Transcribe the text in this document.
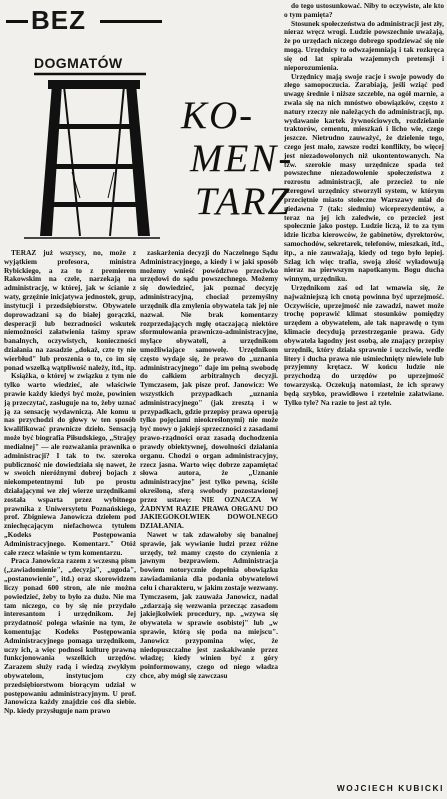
BEZ
DOGMATÓW
KO-
MEN-
TARZ

TERAZ już wszyscy, no, może z wyjątkiem profesora, ministra Rybickiego, a za to z premierem Rakowskim na czele, narzekają na administrację, w której, jak w ścianie z waty, grzęźnie inicjatywa jednostek, grup, instytucji i przedsiębiorstw. Obywatele doprowadzani są do białej gorączki, desperacji lub bezradności wskutek niemożności załatwienia taśmy spraw banalnych, oczywistych, konieczności działania na zasadzie „dokaż, czte ty nie wierbłud" lub proszenia o to, co im się ponad wszelką wątpliwość należy, itd., itp.

Książka, o której w związku z tym nie tylko warto wiedzieć, ale właściwie prawie każdy kiedyś być może, powinien ją przeczytać, zasługuje na to, żeby uznać ją za sensację wydawniczą. Ale komu u nas przychodzi do głowy w ten sposób kwalifikować prawnicze dzieło. Sensacją może być biografia Piłsudskiego, „Strajęy medialnej" — ale rozważania prawnika o administracji? I tak to tw. szeroka publiczność nie dowiedziała się nawet, że w swoich nieróżnymi dobrej bojach z niekompetentnymi lub po prostu działającymi we złej wierze urzędnikami została wsparta przez wybitnego prawnika z Uniwersytetu Poznańskiego, prof. Zbigniewa Janowicza dziełem pod zniechęcającym niefachowca tytułem „Kodeks Postępowania Administracyjnego. Komentarz." Otóż całe rzecz właśnie w tym komentarzu.

Praca Janowicza razem z wczesną pism („zawiadomienie", „decyzja", „ugoda", „postanowienie", itd.) oraz skorowidzem liczy ponad 600 stron, ale nie można powiedzieć, żeby to było za dużo. Nie ma tam niczego, co by się nie przydało interesantom i urzędnikom. Jej przydatność polega właśnie na tym, że komentując Kodeks Postępowania Administracyjnego pomaga urzędnikom, uczy ich, a więc podnosi kulturę prawną funkcjonowania wszelkich urzędów. Zarazem służy radą i wiedzą zwykłym obywatelom, instytucjom czy przedsiębiorstwom biorącym udział w postępowaniu administracyjnym. U prof. Janowicza każdy znajdzie coś dla siebie. Np. kiedy przysługuje nam prawo

zaskarżenia decyzji do Naczelnego Sądu Administracyjnego, a kiedy i w jaki sposób możemy wnieść powództwo przeciwko urzędowi do sądu powszechnego. Możemy się dowiedzieć, jak poznać decyzję administracyjną, chociaż przemyślny urzędnik dla zmylenia obywatela tak jej nie nazwał. Nie brak komentarzy rozprzedających mgłę otaczającą niektóre sformułowania prawniczo-administracyjne, mylące obywateli, a urzędnikom umożliwiające samowolę. Urzędnikom często wydaje się, że prawo do „uznania administracyjnego" daje im pełną swobodę do całkiem arbitralnych decyzji. Tymczasem, jak pisze prof. Janowicz: We wszystkich przypadkach „uznania administracyjnego" (jak zresztą i w przypadkach, gdzie przepisy prawa operują tylko pojęciami nieokreślonymi) nie może być mowy o jakiejś sprzeczności z zasadami prawo-rządności oraz zasadą dochodzenia prawdy obiektywnej, dowolności działania organu. Chodzi o organ administracyjny, rzecz jasna. Warto więc dobrze zapamiętać słowa autora, że „Uznanie administracyjne" jest tylko pewną, ściśle określoną, sferą swobody pozostawionej przez ustawę: NIE OZNACZA W ŻADNYM RAZIE PRAWA ORGANU DO JAKIEGOKOLWIEK DOWOLNEGO DZIAŁANIA.

Nawet w tak zdawałoby się banalnej sprawie, jak wywianie ludzi przez różne urzędy, też mamy często do czynienia z jawnym bezprawiem. Administracja bowiem notorycznie dopełnia obowiązku zawiadamiania dla podania obywatelowi celu i charakteru, w jakim zostaje wezwany. Tymczasem, jak zauważa Janowicz, nadal „zdarzają się wezwania przecząc zasadom jakiejkolwiek procedury, np. „wzywa się obywatela w sprawie osobistej" lub „w sprawie, którą się poda na miejscu". Janowicz przypomina więc, że niedopuszczalne jest zaskakiwanie przez władzę; kiedy winien być z góry poinformowany, czego od niego władza chce, aby mógł się zawczasu

do tego ustosunkować. Niby to oczywiste, ale kto o tym pamięta?

Stosunek społeczeństwa do administracji jest zły, nieraz wręcz wrogi. Ludzie powszechnie uważają, że po urzędach niczego dobrego spodziewać się nie mogą. Urzędnicy to odwzajemniają i tak rozkręca się od lat spirala wzajemnych pretensji i nieporozumienia.

Urzędnicy mają swoje racje i swoje powody do złego samopoczucia. Zarabiają, jeśli wziąć pod uwagę średnie i niższe szczeble, na ogół marnie, a zwala się na nich mnóstwo obowiązków, często z natury rzeczy nie należących do administracji, np. wydawanie kartek żywnościowych, rozdzielanie traktorów, cementu, mieszkań i licho wie, czego jeszcze. Nietrudno zauważyć, że dzielenie tego, czego jest mało, zawsze rodzi konflikty, bo więcej jest niezadowolonych niż ukontentowanych. Na tzw. szerokie masy urzędnicze spada też powszechne niezadowolenie społeczeństwa z rozrostu administracji, ale przecież to nie szeregowi urzędnicy stworzyli system, w którym przeciętnie miasto stołeczne Warszawy miał do niedawna 7 (tak: siedmiu) wiceprezydentów, a teraz na jej ich zaledwie, co przecież jest społecznie jako postęp. Ludzie liczą, iż to za tym idzie liczba kierowców, że gabinetów, dyrektorów, samochodów, sekretarek, telefonów, mieszkań, itd., itp., a nie zauważają, kiedy od tego było lepiej. Szlag ich więc trafia, swoją złość wyładowują nieraz na pierwszym napotkanym. Bogu ducha winnym, urzędniku.

Urzędnikom zaś od lat wmawia się, że najważniejszą ich cnotą powinna być uprzejmość. Oczywiście, uprzejmość nie zawadzi, nawet może trochę poprawić klimat stosunków pomiędzy urzędem a obywatelem, ale tak naprawdę o tym klimacie decydują przestrzeganie prawa. Gdy obywatela łagodny jest osobą, ale znający przepisy urzędnik, który działa sprawnie i uczciwie, wedle litery i ducha prawa nie uśmiechnięty niewiele lub przyjemny krętacz. W końcu ludzie nie przychodzą do urzędów po uprzejmość towarzyską. Oczekują natomiast, że ich sprawy będą szybko, prawidłowo i rzetelnie załatwiane. Tylko tyle? Na razie to jest aż tyle.

WOJCIECH KUBICKI
